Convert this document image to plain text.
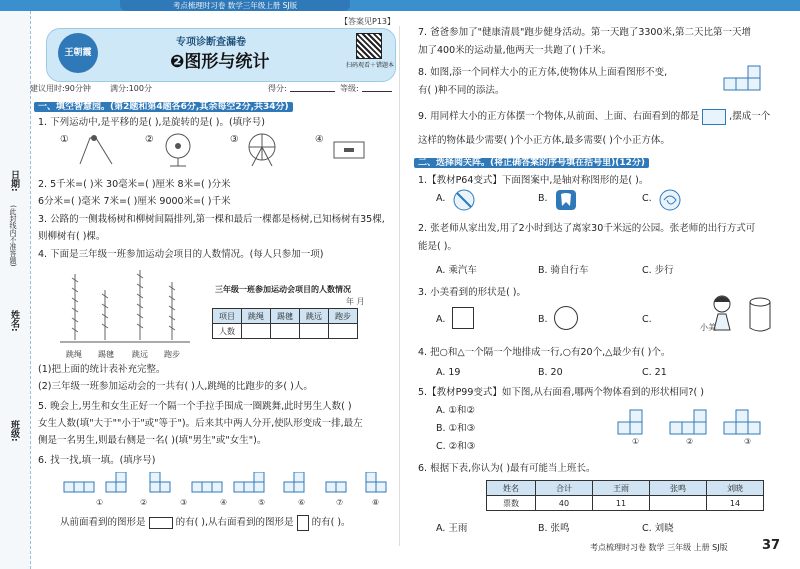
考点梳理时习卷 数学三年级上册 SJ版
【答案见P13】
日期:
(此封线内不准答题)
姓名:
班级:
王朝霞
专项诊断查漏卷
❷图形与统计	扫码观看＋错题本
建议用时:90分钟 满分:100分	得分:	等级:
一、填空智慧园。(第2题和第4题各6分,其余每空2分,共34分)
1. 下列运动中,是平移的是( ),是旋转的是( )。(填序号)
①	②	③	④
2. 5千米=( )米 30毫米=( )厘米 8米=( )分米
6分米=( )毫米 7米=( )厘米 9000米=( )千米
3. 公路的一侧栽杨树和柳树间隔排列,第一棵和最后一棵都是杨树,已知杨树有35棵,
则柳树有( )棵。
4. 下面是三年级一班参加运动会项目的人数情况。(每人只参加一项)
跳绳 踢毽 跳远 跑步
三年级一班参加运动会项目的人数情况
年 月
项目	跳绳	踢毽	跳远	跑步
人数				
(1)把上面的统计表补充完整。
(2)三年级一班参加运动会的一共有( )人,跳绳的比跑步的多( )人。
5. 晚会上,男生和女生正好一个隔一个手拉手围成一圈跳舞,此时男生人数( )
女生人数(填"大于""小于"或"等于")。后来其中两人分开,使队形变成一排,最左
侧是一名男生,则最右侧是一名( )(填"男生"或"女生")。
6. 找一找,填一填。(填序号)
①	②	③	④	⑤	⑥	⑦	⑧
从前面看到的图形是	的有( ),从右面看到的图形是 的有( )。
7. 爸爸参加了"健康清晨"跑步健身活动。第一天跑了3300米,第二天比第一天增
加了400米的运动量,他两天一共跑了( )千米。
8. 如图,添一个同样大小的正方体,使物体从上面看图形不变,
有( )种不同的添法。
9. 用同样大小的正方体摆一个物体,从前面、上面、右面看到的都是	,摆成一个
这样的物体最少需要( )个小正方体,最多需要( )个小正方体。
二、选择阅关阵。(将正确答案的序号填在括号里)(12分)
1.【教材P64变式】下面图案中,是轴对称图形的是( )。
A.	B.	C.
2. 张老师从家出发,用了2小时到达了离家30千米远的公园。张老师的出行方式可
能是( )。
A. 乘汽车	B. 骑自行车	C. 步行
3. 小美看到的形状是( )。
A.	B.	C.
小美
4. 把○和△一个隔一个地排成一行,○有20个,△最少有( )个。
A. 19	B. 20	C. 21
5.【教材P99变式】如下图,从右面看,哪两个物体看到的形状相同?( )
A. ①和②
B. ①和③
C. ②和③	①	②	③
6. 根据下表,你认为( )最有可能当上班长。
姓名	合计	王雨	张鸣	刘晓
票数	40	11		14
A. 王雨	B. 张鸣	C. 刘晓
考点梳理时习卷 数学 三年级 上册 SJ版	37
